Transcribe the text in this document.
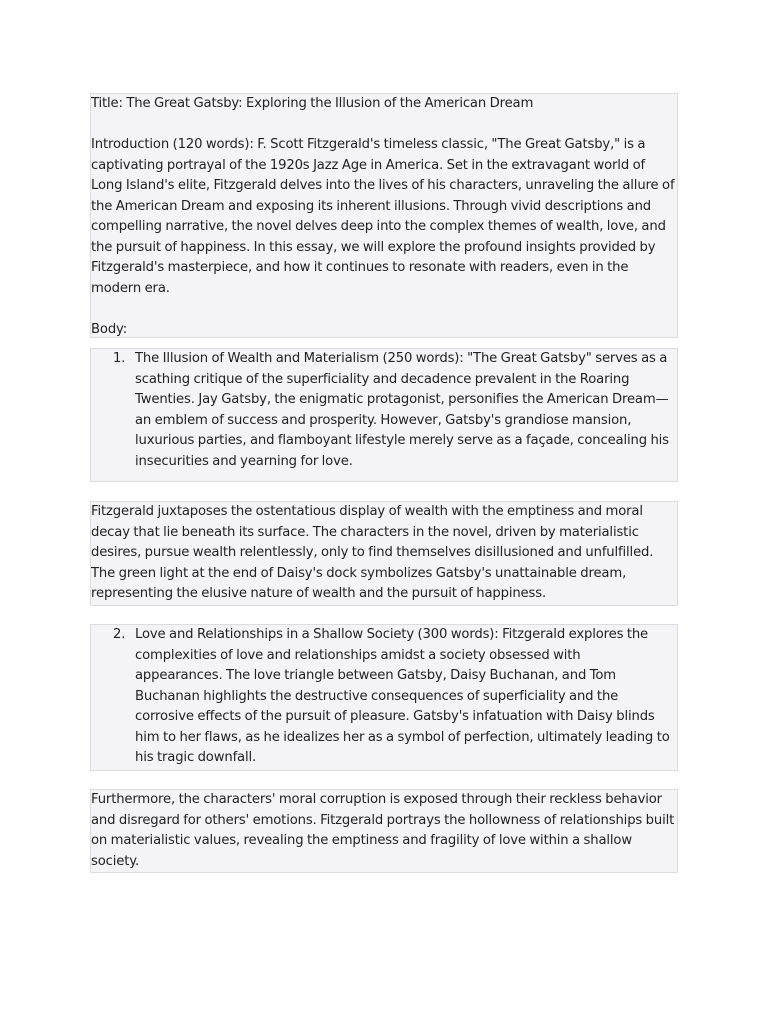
Title: The Great Gatsby: Exploring the Illusion of the American Dream

Introduction (120 words): F. Scott Fitzgerald's timeless classic, "The Great Gatsby," is a captivating portrayal of the 1920s Jazz Age in America. Set in the extravagant world of Long Island's elite, Fitzgerald delves into the lives of his characters, unraveling the allure of the American Dream and exposing its inherent illusions. Through vivid descriptions and compelling narrative, the novel delves deep into the complex themes of wealth, love, and the pursuit of happiness. In this essay, we will explore the profound insights provided by Fitzgerald's masterpiece, and how it continues to resonate with readers, even in the modern era.

Body:

1. The Illusion of Wealth and Materialism (250 words): "The Great Gatsby" serves as a scathing critique of the superficiality and decadence prevalent in the Roaring Twenties. Jay Gatsby, the enigmatic protagonist, personifies the American Dream—an emblem of success and prosperity. However, Gatsby's grandiose mansion, luxurious parties, and flamboyant lifestyle merely serve as a façade, concealing his insecurities and yearning for love.

Fitzgerald juxtaposes the ostentatious display of wealth with the emptiness and moral decay that lie beneath its surface. The characters in the novel, driven by materialistic desires, pursue wealth relentlessly, only to find themselves disillusioned and unfulfilled. The green light at the end of Daisy's dock symbolizes Gatsby's unattainable dream, representing the elusive nature of wealth and the pursuit of happiness.

2. Love and Relationships in a Shallow Society (300 words): Fitzgerald explores the complexities of love and relationships amidst a society obsessed with appearances. The love triangle between Gatsby, Daisy Buchanan, and Tom Buchanan highlights the destructive consequences of superficiality and the corrosive effects of the pursuit of pleasure. Gatsby's infatuation with Daisy blinds him to her flaws, as he idealizes her as a symbol of perfection, ultimately leading to his tragic downfall.

Furthermore, the characters' moral corruption is exposed through their reckless behavior and disregard for others' emotions. Fitzgerald portrays the hollowness of relationships built on materialistic values, revealing the emptiness and fragility of love within a shallow society.
